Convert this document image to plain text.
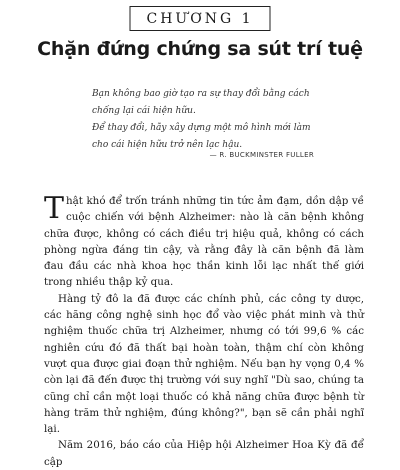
CHƯƠNG 1
Chặn đứng chứng sa sút trí tuệ

Bạn không bao giờ tạo ra sự thay đổi bằng cách chống lại cái hiện hữu.

Để thay đổi, hãy xây dựng một mô hình mới làm cho cái hiện hữu trở nên lạc hậu.

— R. BUCKMINSTER FULLER

Thật khó để trốn tránh những tin tức ảm đạm, dồn dập về cuộc chiến với bệnh Alzheimer: nào là căn bệnh không chữa được, không có cách điều trị hiệu quả, không có cách phòng ngừa đáng tin cậy, và rằng đây là căn bệnh đã làm đau đầu các nhà khoa học thần kinh lỗi lạc nhất thế giới trong nhiều thập kỷ qua.

Hàng tỷ đô la đã được các chính phủ, các công ty dược, các hãng công nghệ sinh học đổ vào việc phát minh và thử nghiệm thuốc chữa trị Alzheimer, nhưng có tới 99,6 % các nghiên cứu đó đã thất bại hoàn toàn, thậm chí còn không vượt qua được giai đoạn thử nghiệm. Nếu bạn hy vọng 0,4 % còn lại đã đến được thị trường với suy nghĩ "Dù sao, chúng ta cũng chỉ cần một loại thuốc có khả năng chữa được bệnh từ hàng trăm thử nghiệm, đúng không?", bạn sẽ cần phải nghĩ lại.

Năm 2016, báo cáo của Hiệp hội Alzheimer Hoa Kỳ đã để cập
